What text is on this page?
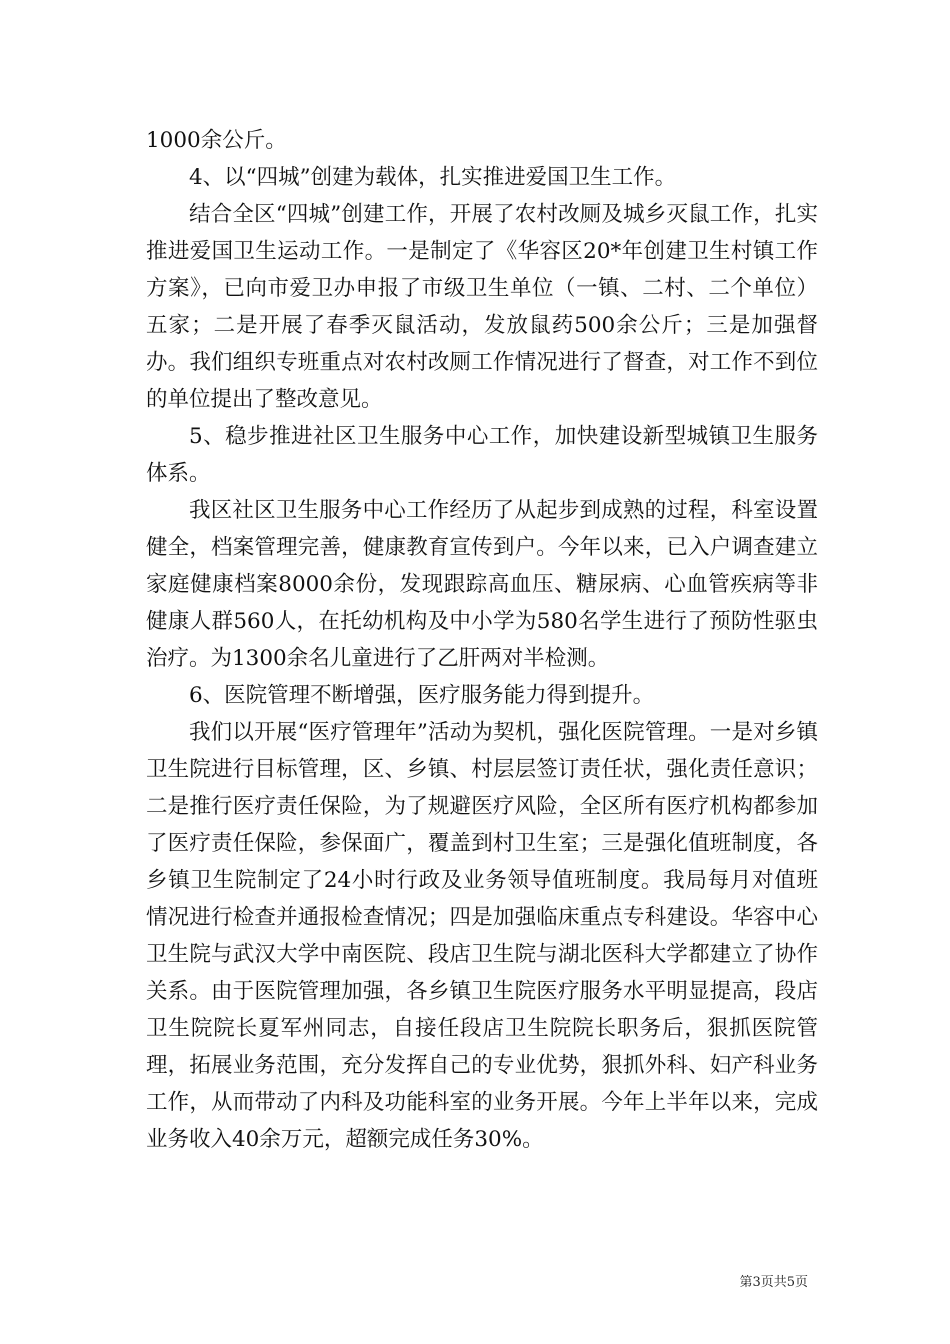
1000余公斤。

4、以“四城”创建为载体，扎实推进爱国卫生工作。

结合全区“四城”创建工作，开展了农村改厕及城乡灭鼠工作，扎实推进爱国卫生运动工作。一是制定了《华容区20*年创建卫生村镇工作方案》，已向市爱卫办申报了市级卫生单位（一镇、二村、二个单位）五家；二是开展了春季灭鼠活动，发放鼠药500余公斤；三是加强督办。我们组织专班重点对农村改厕工作情况进行了督查，对工作不到位的单位提出了整改意见。

5、稳步推进社区卫生服务中心工作，加快建设新型城镇卫生服务体系。

我区社区卫生服务中心工作经历了从起步到成熟的过程，科室设置健全，档案管理完善，健康教育宣传到户。今年以来，已入户调查建立家庭健康档案8000余份，发现跟踪高血压、糖尿病、心血管疾病等非健康人群560人，在托幼机构及中小学为580名学生进行了预防性驱虫治疗。为1300余名儿童进行了乙肝两对半检测。

6、医院管理不断增强，医疗服务能力得到提升。

我们以开展“医疗管理年”活动为契机，强化医院管理。一是对乡镇卫生院进行目标管理，区、乡镇、村层层签订责任状，强化责任意识；二是推行医疗责任保险，为了规避医疗风险，全区所有医疗机构都参加了医疗责任保险，参保面广，覆盖到村卫生室；三是强化值班制度，各乡镇卫生院制定了24小时行政及业务领导值班制度。我局每月对值班情况进行检查并通报检查情况；四是加强临床重点专科建设。华容中心卫生院与武汉大学中南医院、段店卫生院与湖北医科大学都建立了协作关系。由于医院管理加强，各乡镇卫生院医疗服务水平明显提高，段店卫生院院长夏军州同志，自接任段店卫生院院长职务后，狠抓医院管理，拓展业务范围，充分发挥自己的专业优势，狠抓外科、妇产科业务工作，从而带动了内科及功能科室的业务开展。今年上半年以来，完成业务收入40余万元，超额完成任务30%。

第3页共5页
